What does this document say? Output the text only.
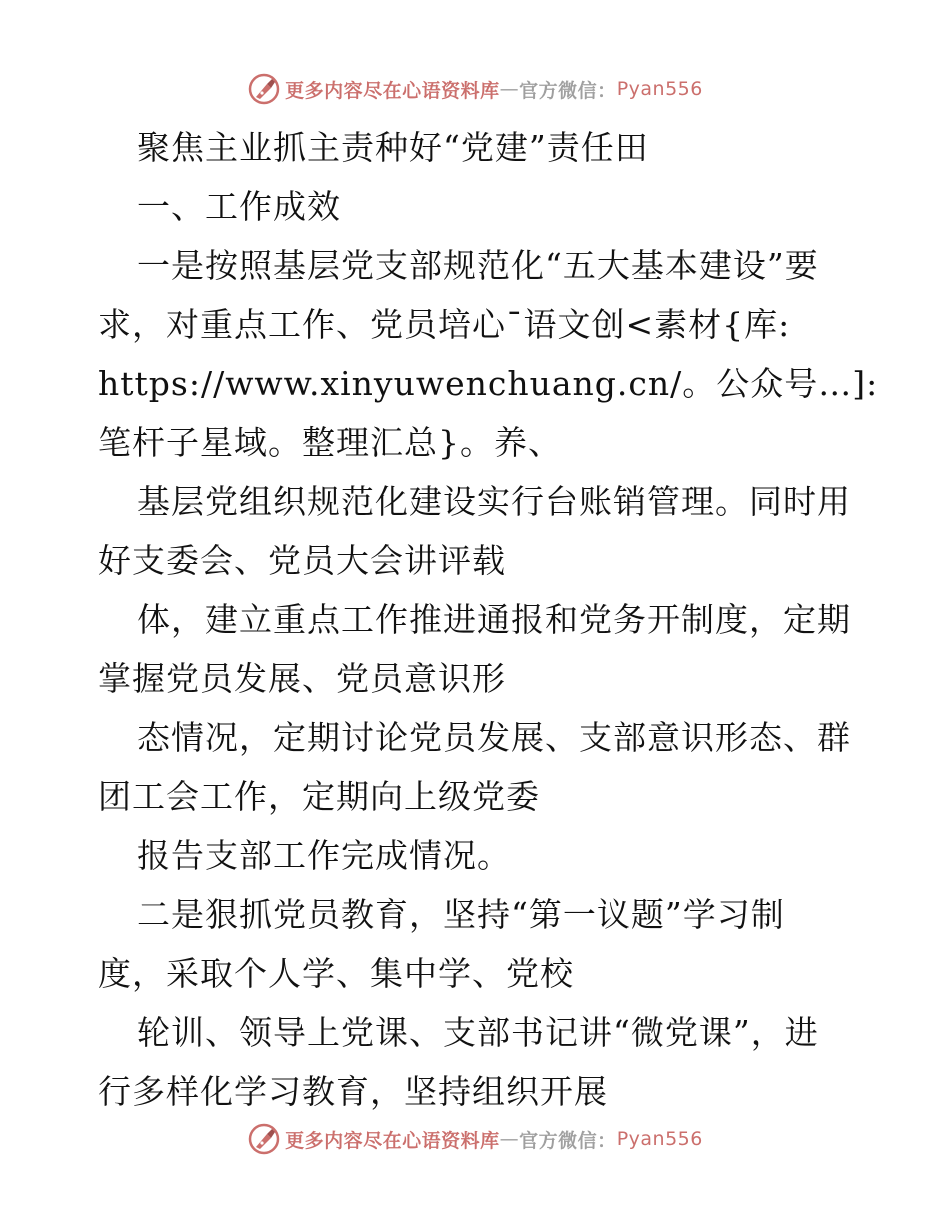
更多内容尽在心语资料库 — 官方微信： Pyan556

聚焦主业抓主责种好“党建”责任田

一、工作成效

一是按照基层党支部规范化“五大基本建设”要

求，对重点工作、党员培心¯语文创<素材{库:

https://www.xinyuwenchuang.cn/。公众号…]:

笔杆子星域。整理汇总}。养、

基层党组织规范化建设实行台账销管理。同时用

好支委会、党员大会讲评载

体，建立重点工作推进通报和党务开制度，定期

掌握党员发展、党员意识形

态情况，定期讨论党员发展、支部意识形态、群

团工会工作，定期向上级党委

报告支部工作完成情况。

二是狠抓党员教育，坚持“第一议题”学习制

度，采取个人学、集中学、党校

轮训、领导上党课、支部书记讲“微党课”，进

行多样化学习教育，坚持组织开展

更多内容尽在心语资料库 — 官方微信： Pyan556
